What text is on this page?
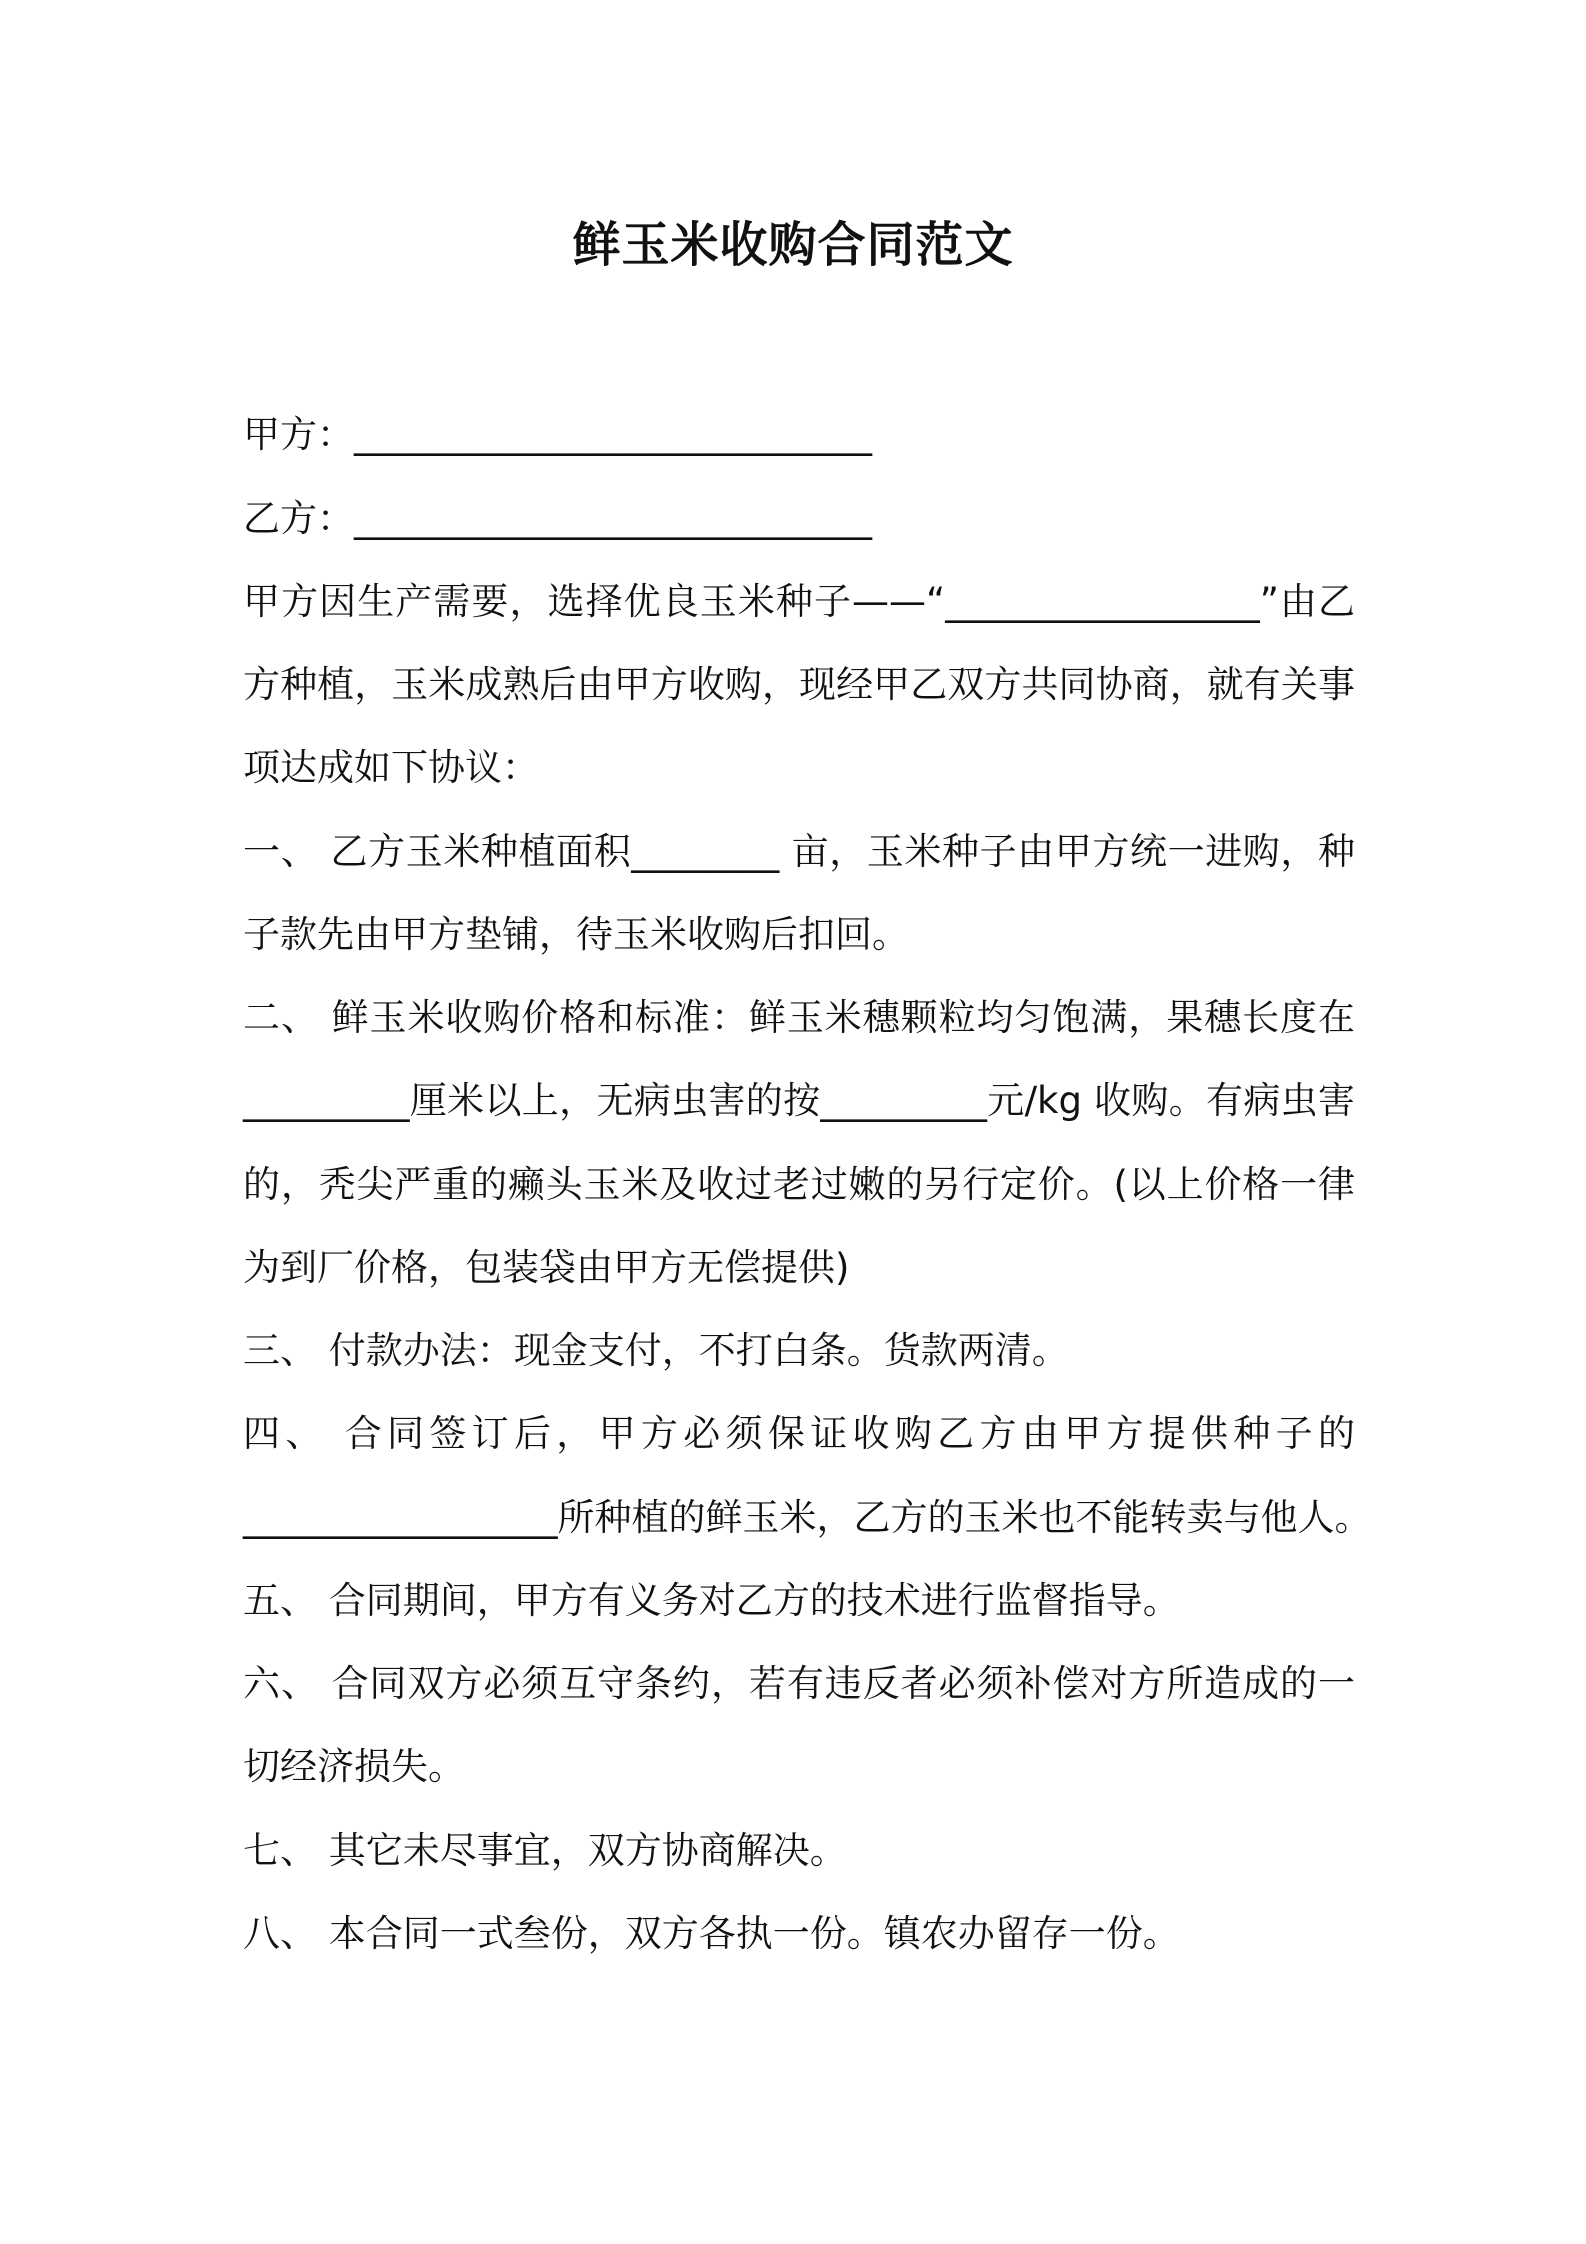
鲜玉米收购合同范文
甲方：____________________________
乙方：____________________________
甲方因生产需要，选择优良玉米种子——“_________________”由乙
方种植，玉米成熟后由甲方收购，现经甲乙双方共同协商，就有关事
项达成如下协议：
一、 乙方玉米种植面积________ 亩，玉米种子由甲方统一进购，种
子款先由甲方垫铺，待玉米收购后扣回。
二、 鲜玉米收购价格和标准：鲜玉米穗颗粒均匀饱满，果穗长度在
_________厘米以上，无病虫害的按_________元/kg 收购。有病虫害
的，秃尖严重的癞头玉米及收过老过嫩的另行定价。(以上价格一律
为到厂价格，包装袋由甲方无偿提供)
三、 付款办法：现金支付，不打白条。货款两清。
四、 合同签订后，甲方必须保证收购乙方由甲方提供种子的
_________________所种植的鲜玉米，乙方的玉米也不能转卖与他人。
五、 合同期间，甲方有义务对乙方的技术进行监督指导。
六、 合同双方必须互守条约，若有违反者必须补偿对方所造成的一
切经济损失。
七、 其它未尽事宜，双方协商解决。
八、 本合同一式叁份，双方各执一份。镇农办留存一份。
